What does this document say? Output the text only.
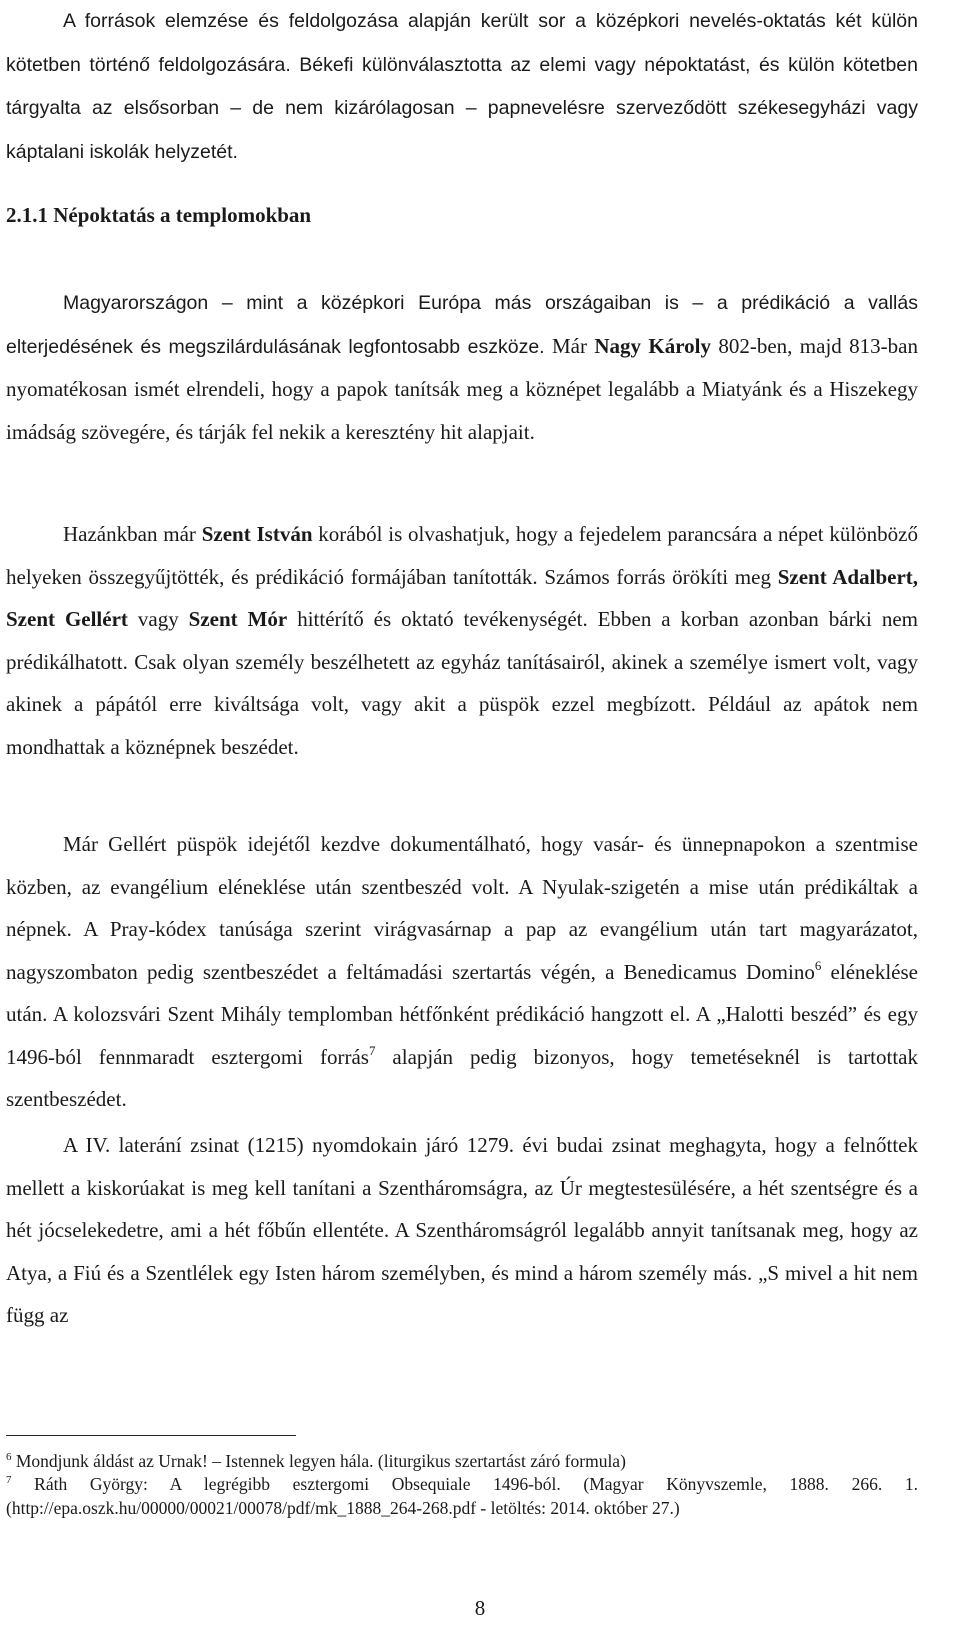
A források elemzése és feldolgozása alapján került sor a középkori nevelés-oktatás két külön kötetben történő feldolgozására. Békefi különválasztotta az elemi vagy népoktatást, és külön kötetben tárgyalta az elsősorban – de nem kizárólagosan – papnevelésre szerveződött székesegyházi vagy káptalani iskolák helyzetét.
2.1.1 Népoktatás a templomokban
Magyarországon – mint a középkori Európa más országaiban is – a prédikáció a vallás elterjedésének és megszilárdulásának legfontosabb eszköze. Már Nagy Károly 802-ben, majd 813-ban nyomatékosan ismét elrendeli, hogy a papok tanítsák meg a köznépet legalább a Miatyánk és a Hiszekegy imádság szövegére, és tárják fel nekik a keresztény hit alapjait.
Hazánkban már Szent István korából is olvashatjuk, hogy a fejedelem parancsára a népet különböző helyeken összegyűjtötték, és prédikáció formájában tanították. Számos forrás örökíti meg Szent Adalbert, Szent Gellért vagy Szent Mór hittérítő és oktató tevékenységét. Ebben a korban azonban bárki nem prédikálhatott. Csak olyan személy beszélhetett az egyház tanításairól, akinek a személye ismert volt, vagy akinek a pápától erre kiváltsága volt, vagy akit a püspök ezzel megbízott. Például az apátok nem mondhattak a köznépnek beszédet.
Már Gellért püspök idejétől kezdve dokumentálható, hogy vasár- és ünnepnapokon a szentmise közben, az evangélium eléneklése után szentbeszéd volt. A Nyulak-szigetén a mise után prédikáltak a népnek. A Pray-kódex tanúsága szerint virágvasárnap a pap az evangélium után tart magyarázatot, nagyszombaton pedig szentbeszédet a feltámadási szertartás végén, a Benedicamus Domino$^6$ eléneklése után. A kolozsvári Szent Mihály templomban hétfőnként prédikáció hangzott el. A „Halotti beszéd” és egy 1496-ból fennmaradt esztergomi forrás$^7$ alapján pedig bizonyos, hogy temetéseknél is tartottak szentbeszédet.
A IV. laterání zsinat (1215) nyomdokain járó 1279. évi budai zsinat meghagyta, hogy a felnőttek mellett a kiskorúakat is meg kell tanítani a Szentháromságra, az Úr megtestesülésére, a hét szentségre és a hét jócselekedetre, ami a hét főbűn ellentéte. A Szentháromságról legalább annyit tanítsanak meg, hogy az Atya, a Fiú és a Szentlélek egy Isten három személyben, és mind a három személy más. „S mivel a hit nem függ az
$^6$ Mondjunk áldást az Urnak! – Istennek legyen hála. (liturgikus szertartást záró formula)
$^7$ Ráth György: A legrégibb esztergomi Obsequiale 1496-ból. (Magyar Könyvszemle, 1888. 266. 1. (http://epa.oszk.hu/00000/00021/00078/pdf/mk_1888_264-268.pdf - letöltés: 2014. október 27.)
8
